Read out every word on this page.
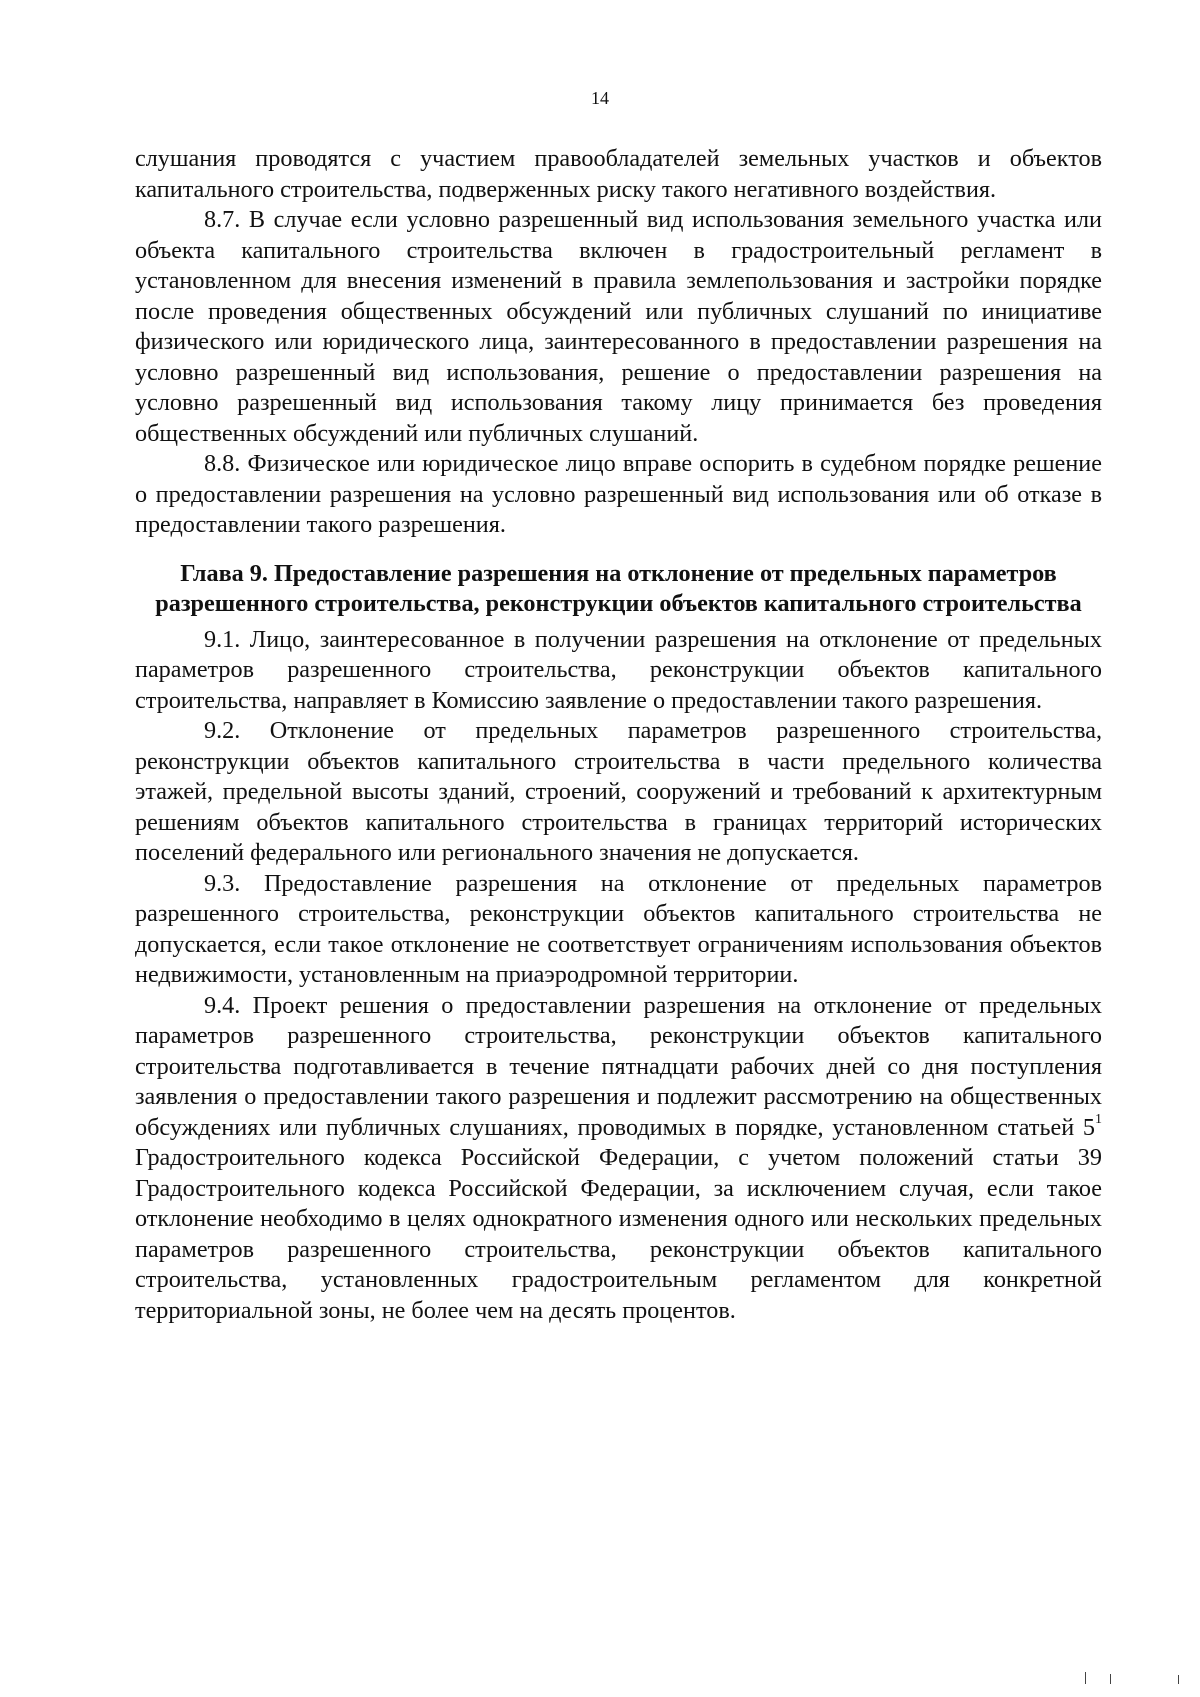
14

слушания проводятся с участием правообладателей земельных участков и объектов капитального строительства, подверженных риску такого негативного воздействия.

8.7. В случае если условно разрешенный вид использования земельного участка или объекта капитального строительства включен в градостроительный регламент в установленном для внесения изменений в правила землепользования и застройки порядке после проведения общественных обсуждений или публичных слушаний по инициативе физического или юридического лица, заинтересованного в предоставлении разрешения на условно разрешенный вид использования, решение о предоставлении разрешения на условно разрешенный вид использования такому лицу принимается без проведения общественных обсуждений или публичных слушаний.

8.8. Физическое или юридическое лицо вправе оспорить в судебном порядке решение о предоставлении разрешения на условно разрешенный вид использования или об отказе в предоставлении такого разрешения.

Глава 9. Предоставление разрешения на отклонение от предельных параметров разрешенного строительства, реконструкции объектов капитального строительства

9.1. Лицо, заинтересованное в получении разрешения на отклонение от предельных параметров разрешенного строительства, реконструкции объектов капитального строительства, направляет в Комиссию заявление о предоставлении такого разрешения.

9.2. Отклонение от предельных параметров разрешенного строительства, реконструкции объектов капитального строительства в части предельного количества этажей, предельной высоты зданий, строений, сооружений и требований к архитектурным решениям объектов капитального строительства в границах территорий исторических поселений федерального или регионального значения не допускается.

9.3. Предоставление разрешения на отклонение от предельных параметров разрешенного строительства, реконструкции объектов капитального строительства не допускается, если такое отклонение не соответствует ограничениям использования объектов недвижимости, установленным на приаэродромной территории.

9.4. Проект решения о предоставлении разрешения на отклонение от предельных параметров разрешенного строительства, реконструкции объектов капитального строительства подготавливается в течение пятнадцати рабочих дней со дня поступления заявления о предоставлении такого разрешения и подлежит рассмотрению на общественных обсуждениях или публичных слушаниях, проводимых в порядке, установленном статьей $5^1$ Градостроительного кодекса Российской Федерации, с учетом положений статьи 39 Градостроительного кодекса Российской Федерации, за исключением случая, если такое отклонение необходимо в целях однократного изменения одного или нескольких предельных параметров разрешенного строительства, реконструкции объектов капитального строительства, установленных градостроительным регламентом для конкретной территориальной зоны, не более чем на десять процентов.
